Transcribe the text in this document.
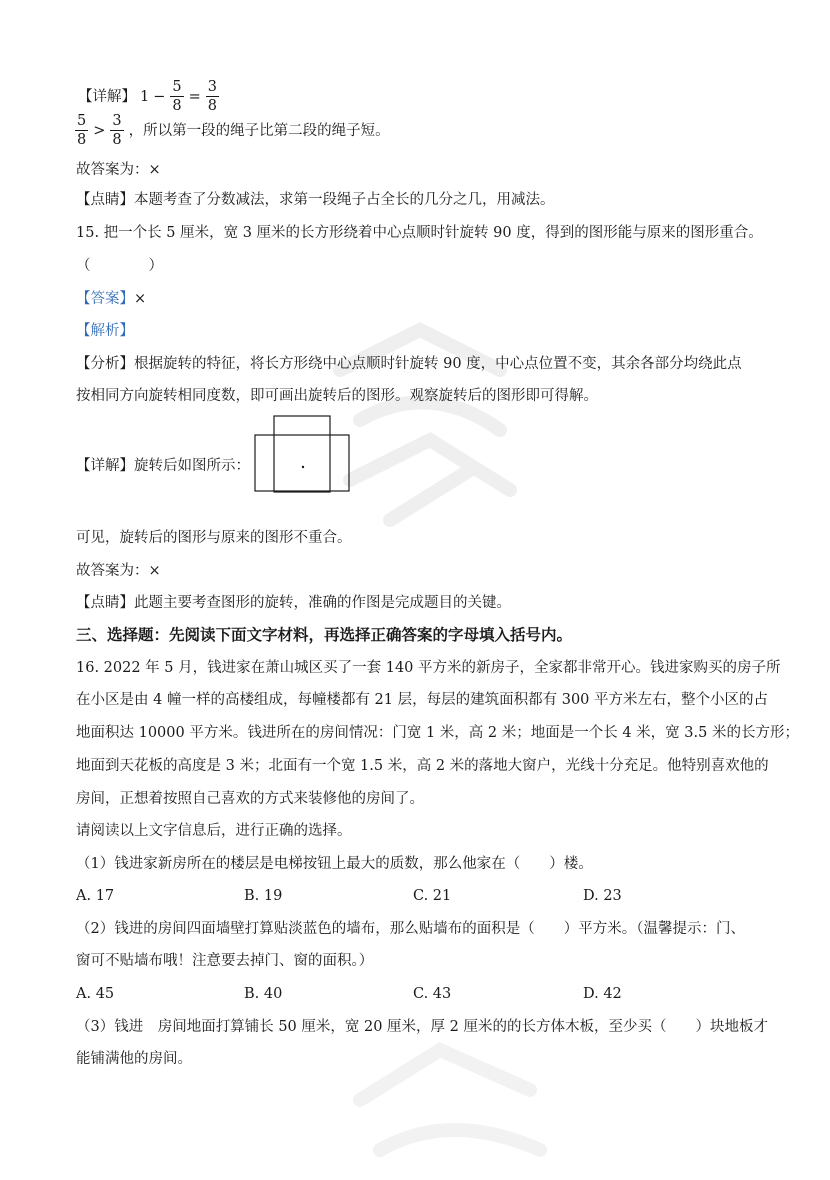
【详解】 $1 - \frac{5}{8} = \frac{3}{8}$
$\frac{5}{8} > \frac{3}{8}$ ，所以第一段的绳子比第二段的绳子短。
故答案为：×
【点睛】本题考查了分数减法，求第一段绳子占全长的几分之几，用减法。
15. 把一个长 5 厘米，宽 3 厘米的长方形绕着中心点顺时针旋转 90 度，得到的图形能与原来的图形重合。
（　　　　）
【答案】×
【解析】
【分析】根据旋转的特征，将长方形绕中心点顺时针旋转 90 度，中心点位置不变，其余各部分均绕此点
按相同方向旋转相同度数，即可画出旋转后的图形。观察旋转后的图形即可得解。
【详解】旋转后如图所示：
可见，旋转后的图形与原来的图形不重合。
故答案为：×
【点睛】此题主要考查图形的旋转，准确的作图是完成题目的关键。
三、选择题：先阅读下面文字材料，再选择正确答案的字母填入括号内。
16. 2022 年 5 月，钱进家在萧山城区买了一套 140 平方米的新房子，全家都非常开心。钱进家购买的房子所
在小区是由 4 幢一样的高楼组成，每幢楼都有 21 层，每层的建筑面积都有 300 平方米左右，整个小区的占
地面积达 10000 平方米。钱进所在的房间情况：门宽 1 米，高 2 米；地面是一个长 4 米，宽 3.5 米的长方形；
地面到天花板的高度是 3 米；北面有一个宽 1.5 米，高 2 米的落地大窗户，光线十分充足。他特别喜欢他的
房间，正想着按照自己喜欢的方式来装修他的房间了。
请阅读以上文字信息后，进行正确的选择。
（1）钱进家新房所在的楼层是电梯按钮上最大的质数，那么他家在（　　）楼。
A. 17	B. 19	C. 21	D. 23
（2）钱进的房间四面墙壁打算贴淡蓝色的墙布，那么贴墙布的面积是（　　）平方米。（温馨提示：门、
窗可不贴墙布哦！注意要去掉门、窗的面积。）
A. 45	B. 40	C. 43	D. 42
（3）钱进　房间地面打算铺长 50 厘米，宽 20 厘米，厚 2 厘米的的长方体木板，至少买（　　）块地板才
能铺满他的房间。
